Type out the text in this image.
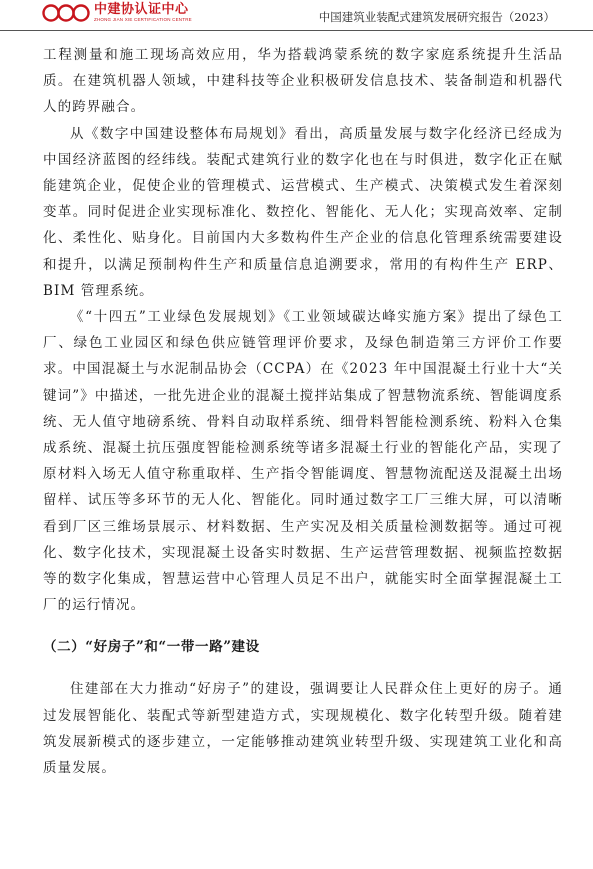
中建协认证中心
ZHONG JIAN XIE CERTIFICATION CENTRE	中国建筑业装配式建筑发展研究报告（2023）

工程测量和施工现场高效应用，华为搭载鸿蒙系统的数字家庭系统提升生活品质。在建筑机器人领域，中建科技等企业积极研发信息技术、装备制造和机器代人的跨界融合。

从《数字中国建设整体布局规划》看出，高质量发展与数字化经济已经成为中国经济蓝图的经纬线。装配式建筑行业的数字化也在与时俱进，数字化正在赋能建筑企业，促使企业的管理模式、运营模式、生产模式、决策模式发生着深刻变革。同时促进企业实现标准化、数控化、智能化、无人化；实现高效率、定制化、柔性化、贴身化。目前国内大多数构件生产企业的信息化管理系统需要建设和提升，以满足预制构件生产和质量信息追溯要求，常用的有构件生产 ERP、BIM 管理系统。

《“十四五”工业绿色发展规划》《工业领域碳达峰实施方案》提出了绿色工厂、绿色工业园区和绿色供应链管理评价要求，及绿色制造第三方评价工作要求。中国混凝土与水泥制品协会（CCPA）在《2023 年中国混凝土行业十大“关键词”》中描述，一批先进企业的混凝土搅拌站集成了智慧物流系统、智能调度系统、无人值守地磅系统、骨料自动取样系统、细骨料智能检测系统、粉料入仓集成系统、混凝土抗压强度智能检测系统等诸多混凝土行业的智能化产品，实现了原材料入场无人值守称重取样、生产指令智能调度、智慧物流配送及混凝土出场留样、试压等多环节的无人化、智能化。同时通过数字工厂三维大屏，可以清晰看到厂区三维场景展示、材料数据、生产实况及相关质量检测数据等。通过可视化、数字化技术，实现混凝土设备实时数据、生产运营管理数据、视频监控数据等的数字化集成，智慧运营中心管理人员足不出户，就能实时全面掌握混凝土工厂的运行情况。

（二）“好房子”和“一带一路”建设

住建部在大力推动“好房子”的建设，强调要让人民群众住上更好的房子。通过发展智能化、装配式等新型建造方式，实现规模化、数字化转型升级。随着建筑发展新模式的逐步建立，一定能够推动建筑业转型升级、实现建筑工业化和高质量发展。
